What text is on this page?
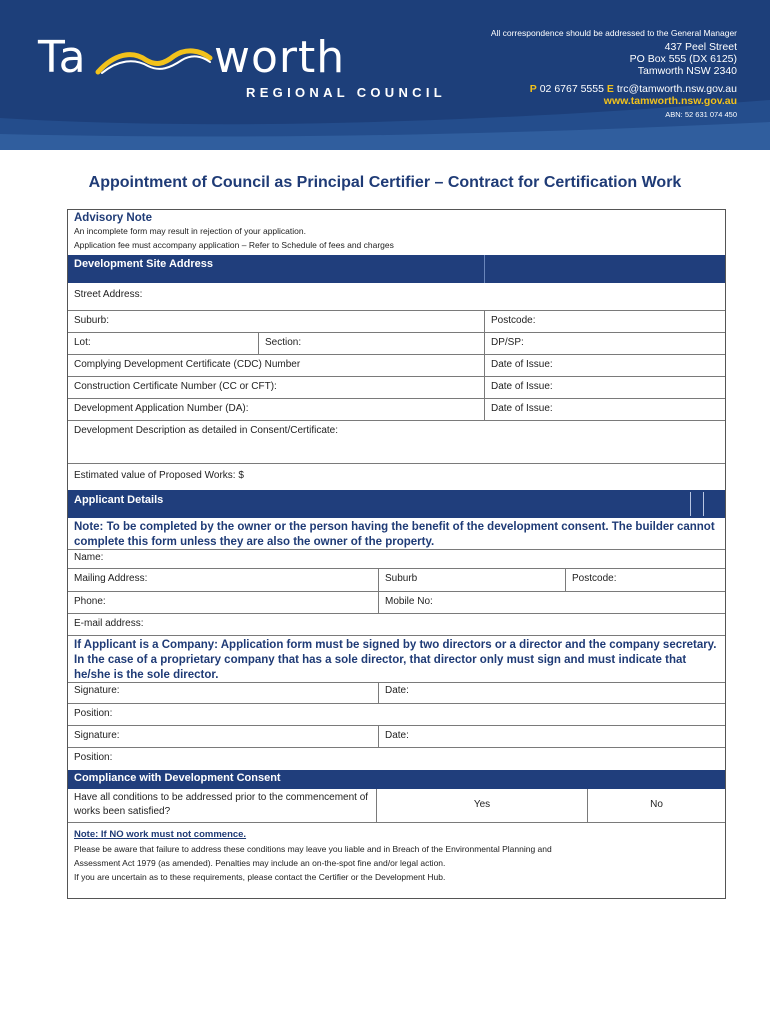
Ta	worth
REGIONAL COUNCIL
All correspondence should be addressed to the General Manager
437 Peel Street
PO Box 555 (DX 6125)
Tamworth NSW 2340
P 02 6767 5555 E trc@tamworth.nsw.gov.au
www.tamworth.nsw.gov.au
ABN: 52 631 074 450
Appointment of Council as Principal Certifier – Contract for Certification Work
Advisory Note
An incomplete form may result in rejection of your application.
Application fee must accompany application – Refer to Schedule of fees and charges
Development Site Address
Street Address:
Suburb:	Postcode:
Lot:	Section:	DP/SP:
Complying Development Certificate (CDC) Number	Date of Issue:
Construction Certificate Number (CC or CFT):	Date of Issue:
Development Application Number (DA):	Date of Issue:
Development Description as detailed in Consent/Certificate:
Estimated value of Proposed Works: $
Applicant Details
Note: To be completed by the owner or the person having the benefit of the development consent. The builder cannot complete this form unless they are also the owner of the property.
Name:
Mailing Address:	Suburb	Postcode:
Phone:	Mobile No:
E-mail address:
If Applicant is a Company: Application form must be signed by two directors or a director and the company secretary. In the case of a proprietary company that has a sole director, that director only must sign and must indicate that he/she is the sole director.
Signature:	Date:
Position:
Signature:	Date:
Position:
Compliance with Development Consent
Have all conditions to be addressed prior to the commencement of works been satisfied?
Yes	No
Note: If NO work must not commence.
Please be aware that failure to address these conditions may leave you liable and in Breach of the Environmental Planning and
Assessment Act 1979 (as amended). Penalties may include an on-the-spot fine and/or legal action.
If you are uncertain as to these requirements, please contact the Certifier or the Development Hub.
